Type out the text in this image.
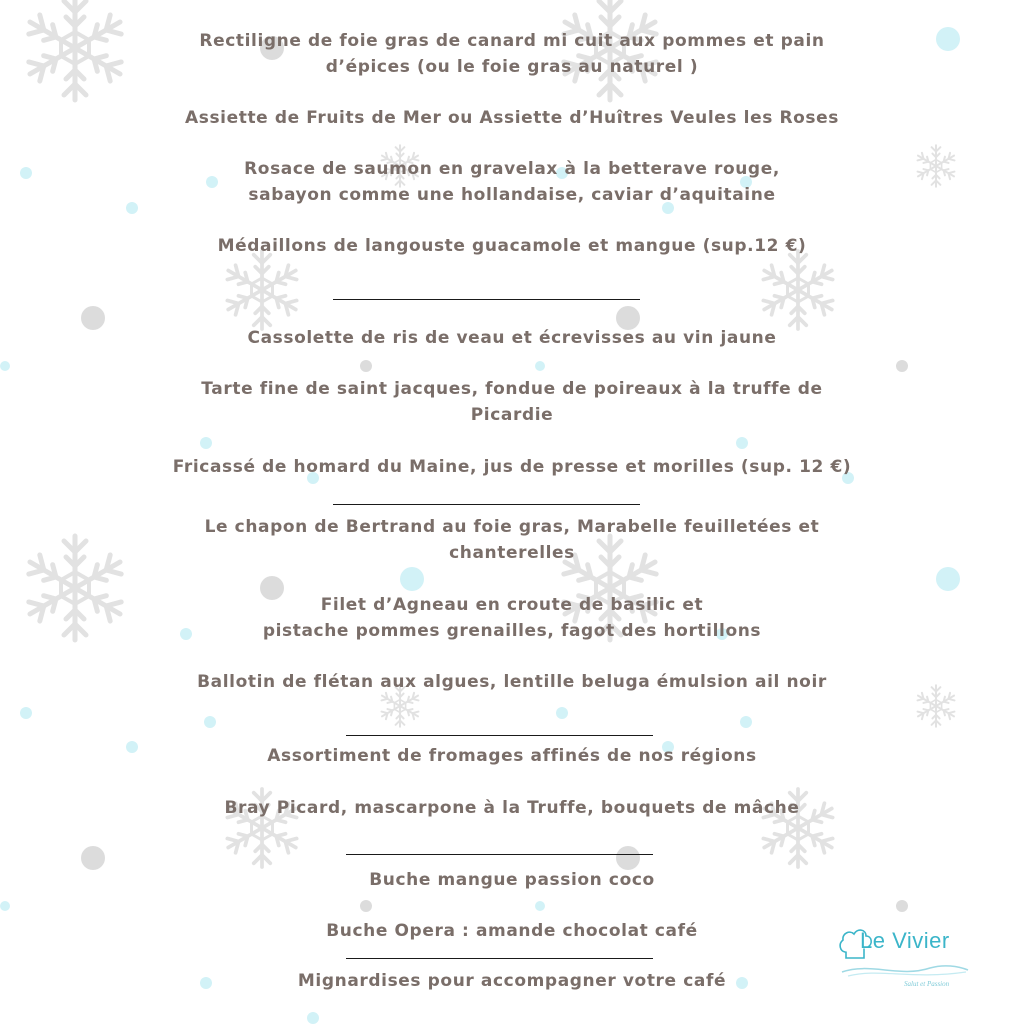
Rectiligne de foie gras de canard mi cuit aux pommes et pain
d’épices (ou le foie gras au naturel )
Assiette de Fruits de Mer ou Assiette d’Huîtres Veules les Roses
Rosace de saumon en gravelax à la betterave rouge,
sabayon comme une hollandaise, caviar d’aquitaine
Médaillons de langouste guacamole et mangue (sup.12 €)
Cassolette de ris de veau et écrevisses au vin jaune
Tarte fine de saint jacques, fondue de poireaux à la truffe de
Picardie
Fricassé de homard du Maine, jus de presse et morilles (sup. 12 €)
Le chapon de Bertrand au foie gras, Marabelle feuilletées et
chanterelles
Filet d’Agneau en croute de basilic et
pistache pommes grenailles, fagot des hortillons
Ballotin de flétan aux algues, lentille beluga émulsion ail noir
Assortiment de fromages affinés de nos régions
Bray Picard, mascarpone à la Truffe, bouquets de mâche
Buche mangue passion coco
Buche Opera : amande chocolat café
Mignardises pour accompagner votre café
Le Vivier
Salut et Passion
